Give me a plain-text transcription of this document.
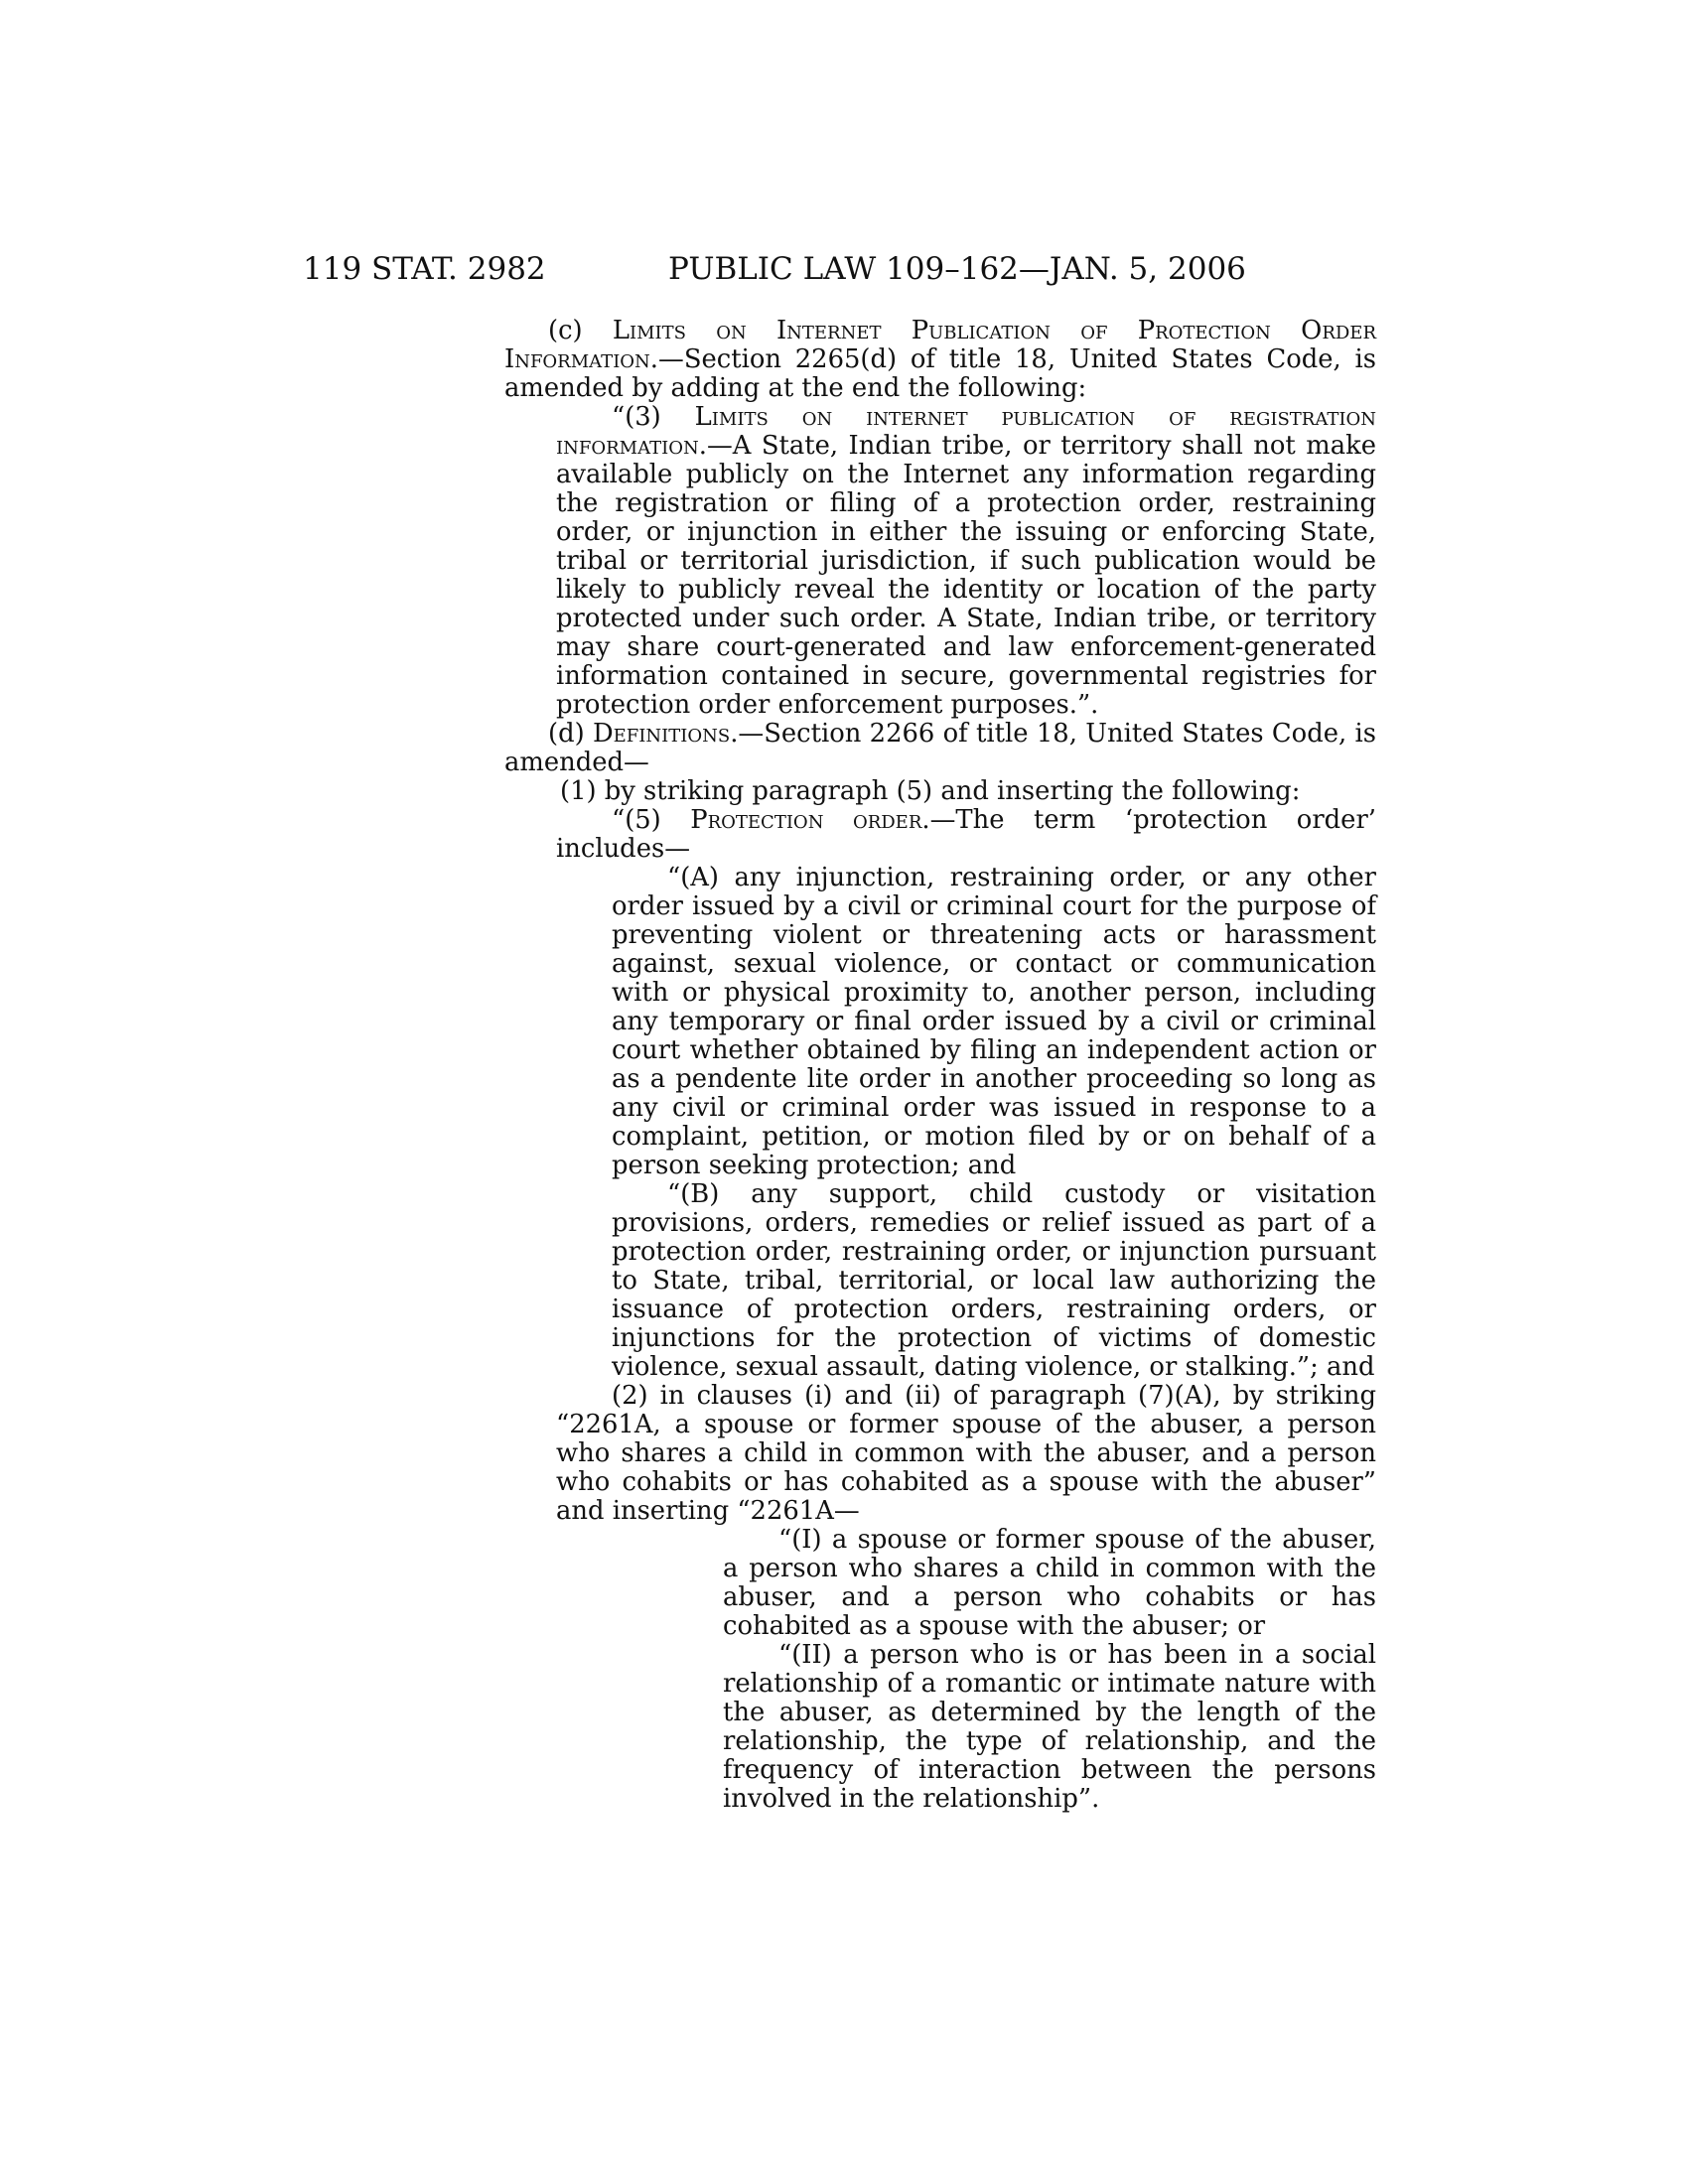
119 STAT. 2982	PUBLIC LAW 109–162—JAN. 5, 2006

(c) Limits on Internet Publication of Protection Order Information.—Section 2265(d) of title 18, United States Code, is amended by adding at the end the following:

“(3) Limits on internet publication of registration information.—A State, Indian tribe, or territory shall not make available publicly on the Internet any information regarding the registration or filing of a protection order, restraining order, or injunction in either the issuing or enforcing State, tribal or territorial jurisdiction, if such publication would be likely to publicly reveal the identity or location of the party protected under such order. A State, Indian tribe, or territory may share court-generated and law enforcement-generated information contained in secure, governmental registries for protection order enforcement purposes.”.

(d) Definitions.—Section 2266 of title 18, United States Code, is amended—

(1) by striking paragraph (5) and inserting the following:

“(5) Protection order.—The term ‘protection order’ includes—

“(A) any injunction, restraining order, or any other order issued by a civil or criminal court for the purpose of preventing violent or threatening acts or harassment against, sexual violence, or contact or communication with or physical proximity to, another person, including any temporary or final order issued by a civil or criminal court whether obtained by filing an independent action or as a pendente lite order in another proceeding so long as any civil or criminal order was issued in response to a complaint, petition, or motion filed by or on behalf of a person seeking protection; and

“(B) any support, child custody or visitation provisions, orders, remedies or relief issued as part of a protection order, restraining order, or injunction pursuant to State, tribal, territorial, or local law authorizing the issuance of protection orders, restraining orders, or injunctions for the protection of victims of domestic violence, sexual assault, dating violence, or stalking.”; and

(2) in clauses (i) and (ii) of paragraph (7)(A), by striking “2261A, a spouse or former spouse of the abuser, a person who shares a child in common with the abuser, and a person who cohabits or has cohabited as a spouse with the abuser” and inserting “2261A—

“(I) a spouse or former spouse of the abuser, a person who shares a child in common with the abuser, and a person who cohabits or has cohabited as a spouse with the abuser; or

“(II) a person who is or has been in a social relationship of a romantic or intimate nature with the abuser, as determined by the length of the relationship, the type of relationship, and the frequency of interaction between the persons involved in the relationship”.
